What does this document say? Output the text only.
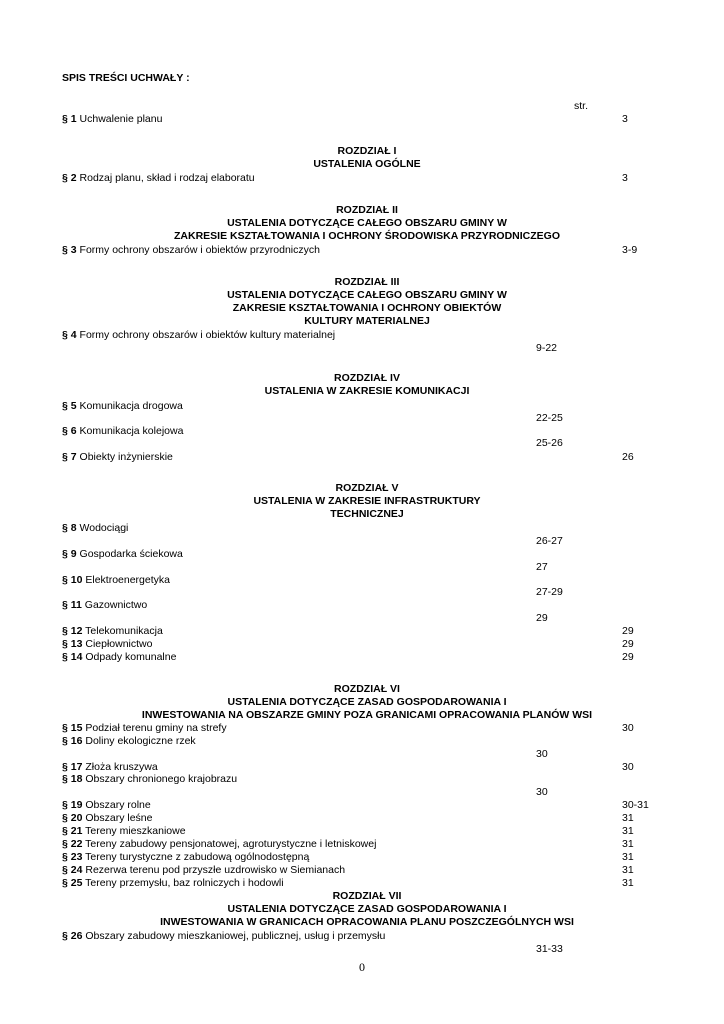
SPIS TREŚCI UCHWAŁY :
str.
§ 1 Uchwalenie planu	3
ROZDZIAŁ I
USTALENIA OGÓLNE
§ 2 Rodzaj planu, skład i rodzaj elaboratu	3
ROZDZIAŁ II
USTALENIA DOTYCZĄCE CAŁEGO OBSZARU GMINY W
ZAKRESIE KSZTAŁTOWANIA I OCHRONY ŚRODOWISKA PRZYRODNICZEGO
§ 3 Formy ochrony obszarów i obiektów przyrodniczych	3-9
ROZDZIAŁ III
USTALENIA DOTYCZĄCE CAŁEGO OBSZARU GMINY W
ZAKRESIE KSZTAŁTOWANIA I OCHRONY OBIEKTÓW
KULTURY MATERIALNEJ
§ 4 Formy ochrony obszarów i obiektów kultury materialnej
9-22
ROZDZIAŁ IV
USTALENIA W ZAKRESIE KOMUNIKACJI
§ 5 Komunikacja drogowa
22-25
§ 6 Komunikacja kolejowa
25-26
§ 7 Obiekty inżynierskie	26
ROZDZIAŁ V
USTALENIA W ZAKRESIE INFRASTRUKTURY
TECHNICZNEJ
§ 8 Wodociągi
26-27
§ 9 Gospodarka ściekowa
27
§ 10 Elektroenergetyka
27-29
§ 11 Gazownictwo
29
§ 12 Telekomunikacja	29
§ 13 Ciepłownictwo	29
§ 14 Odpady komunalne	29
ROZDZIAŁ VI
USTALENIA DOTYCZĄCE ZASAD GOSPODAROWANIA I
INWESTOWANIA NA OBSZARZE GMINY POZA GRANICAMI OPRACOWANIA PLANÓW WSI
§ 15 Podział terenu gminy na strefy	30
§ 16 Doliny ekologiczne rzek
30
§ 17 Złoża kruszywa	30
§ 18 Obszary chronionego krajobrazu
30
§ 19 Obszary rolne	30-31
§ 20 Obszary leśne	31
§ 21 Tereny mieszkaniowe	31
§ 22 Tereny zabudowy pensjonatowej, agroturystyczne i letniskowej	31
§ 23 Tereny turystyczne z zabudową ogólnodostępną	31
§ 24 Rezerwa terenu pod przyszłe uzdrowisko w Siemianach	31
§ 25 Tereny przemysłu, baz rolniczych i hodowli	31
ROZDZIAŁ VII
USTALENIA DOTYCZĄCE ZASAD GOSPODAROWANIA I
INWESTOWANIA W GRANICACH OPRACOWANIA PLANU POSZCZEGÓLNYCH WSI
§ 26 Obszary zabudowy mieszkaniowej, publicznej, usług i przemysłu
31-33
0
